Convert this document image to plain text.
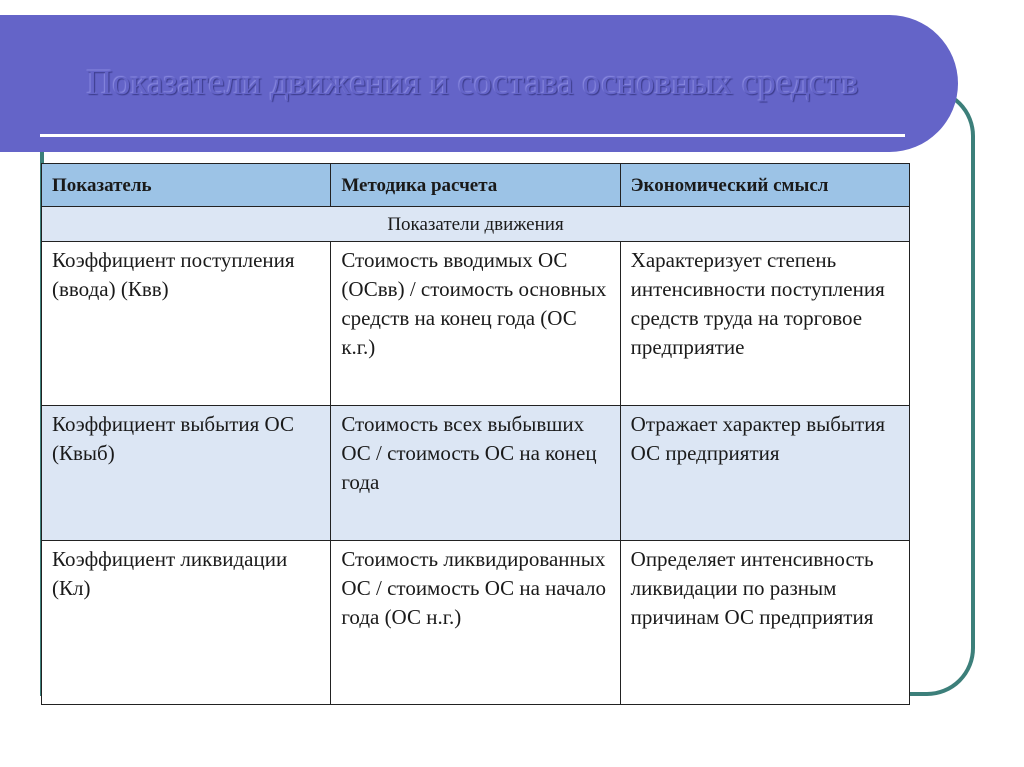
Показатели движения и состава основных средств
Показатель	Методика расчета	Экономический смысл
Показатели движения		
Коэффициент поступления (ввода) (Квв)	Стоимость вводимых ОС (ОСвв) / стоимость основных средств на конец года (ОС к.г.)	Характеризует степень интенсивности поступления средств труда на торговое предприятие
Коэффициент выбытия ОС (Квыб)	Стоимость всех выбывших ОС / стоимость ОС на конец года	Отражает характер выбытия ОС предприятия
Коэффициент ликвидации (Кл)	Стоимость ликвидированных ОС / стоимость ОС на начало года (ОС н.г.)	Определяет интенсивность ликвидации по разным причинам ОС предприятия
